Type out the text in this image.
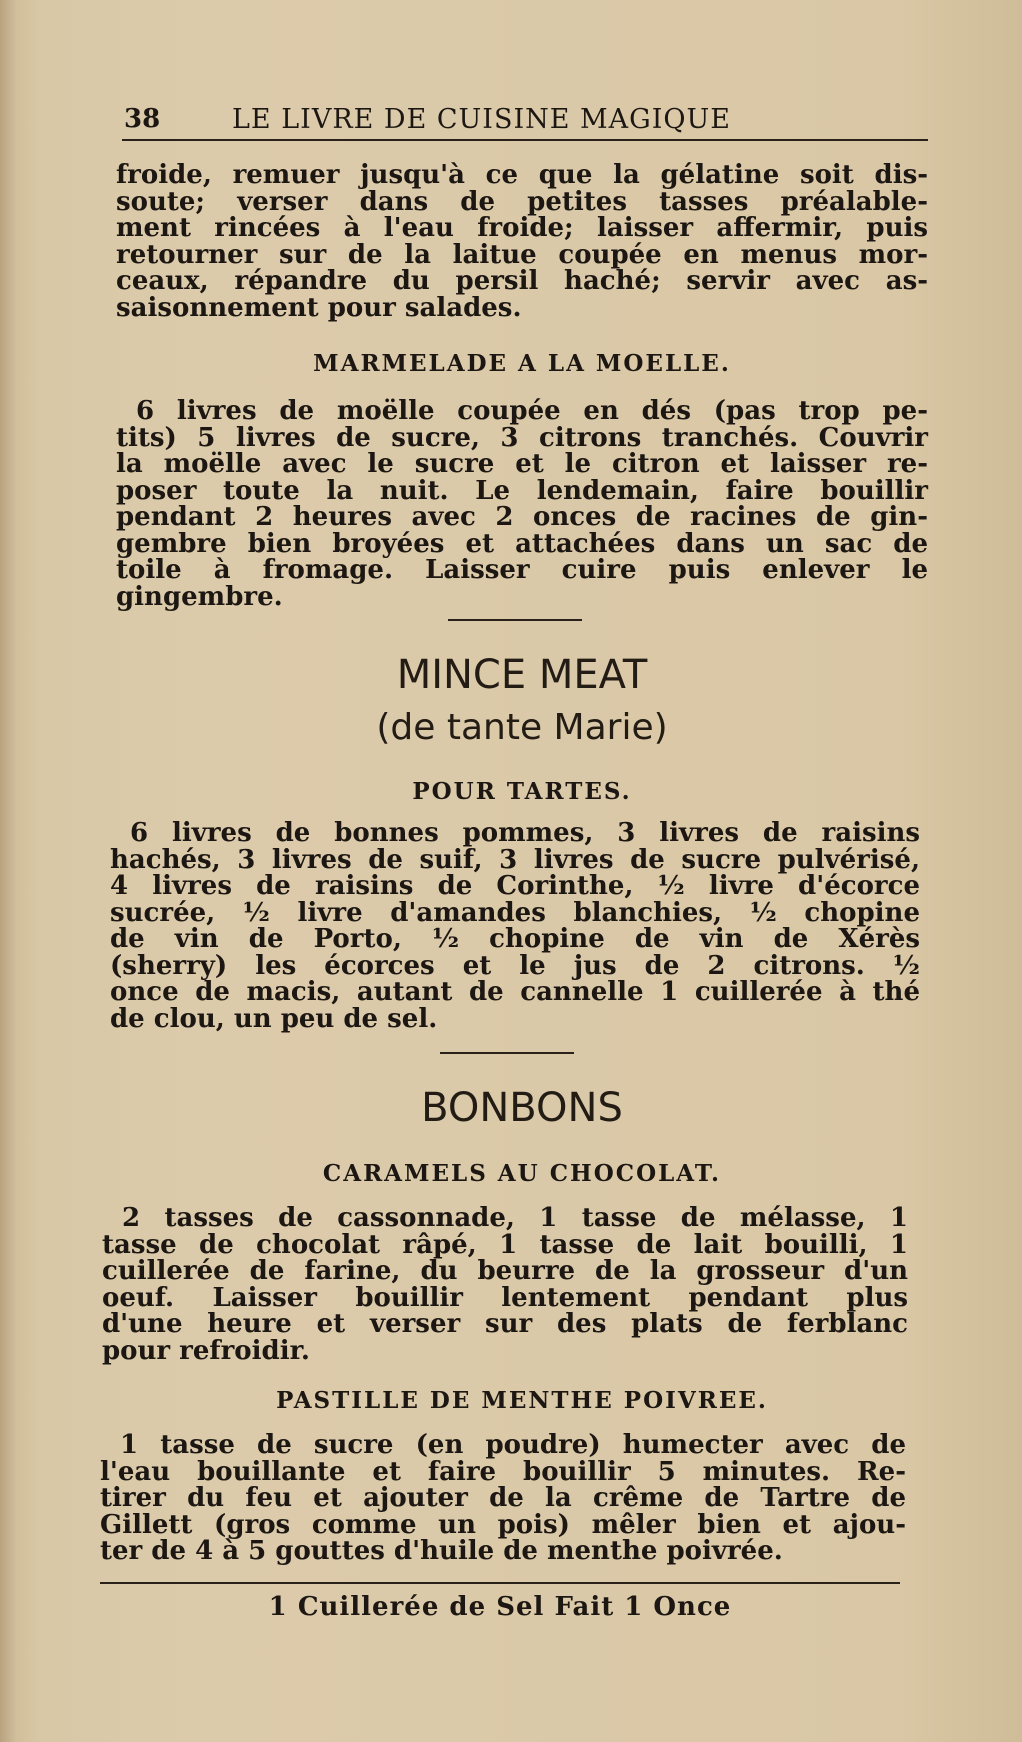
38	LE LIVRE DE CUISINE MAGIQUE

froide, remuer jusqu'à ce que la gélatine soit dis-
soute; verser dans de petites tasses préalable-
ment rincées à l'eau froide; laisser affermir, puis
retourner sur de la laitue coupée en menus mor-
ceaux, répandre du persil haché; servir avec as-
saisonnement pour salades.

MARMELADE A LA MOELLE.

6 livres de moëlle coupée en dés (pas trop pe-
tits) 5 livres de sucre, 3 citrons tranchés. Couvrir
la moëlle avec le sucre et le citron et laisser re-
poser toute la nuit. Le lendemain, faire bouillir
pendant 2 heures avec 2 onces de racines de gin-
gembre bien broyées et attachées dans un sac de
toile à fromage. Laisser cuire puis enlever le
gingembre.

MINCE MEAT

(de tante Marie)

POUR TARTES.

6 livres de bonnes pommes, 3 livres de raisins
hachés, 3 livres de suif, 3 livres de sucre pulvérisé,
4 livres de raisins de Corinthe, ½ livre d'écorce
sucrée, ½ livre d'amandes blanchies, ½ chopine
de vin de Porto, ½ chopine de vin de Xérès
(sherry) les écorces et le jus de 2 citrons. ½
once de macis, autant de cannelle 1 cuillerée à thé
de clou, un peu de sel.

BONBONS

CARAMELS AU CHOCOLAT.

2 tasses de cassonnade, 1 tasse de mélasse, 1
tasse de chocolat râpé, 1 tasse de lait bouilli, 1
cuillerée de farine, du beurre de la grosseur d'un
oeuf. Laisser bouillir lentement pendant plus
d'une heure et verser sur des plats de ferblanc
pour refroidir.

PASTILLE DE MENTHE POIVREE.

1 tasse de sucre (en poudre) humecter avec de
l'eau bouillante et faire bouillir 5 minutes. Re-
tirer du feu et ajouter de la crême de Tartre de
Gillett (gros comme un pois) mêler bien et ajou-
ter de 4 à 5 gouttes d'huile de menthe poivrée.

1 Cuillerée de Sel Fait 1 Once
